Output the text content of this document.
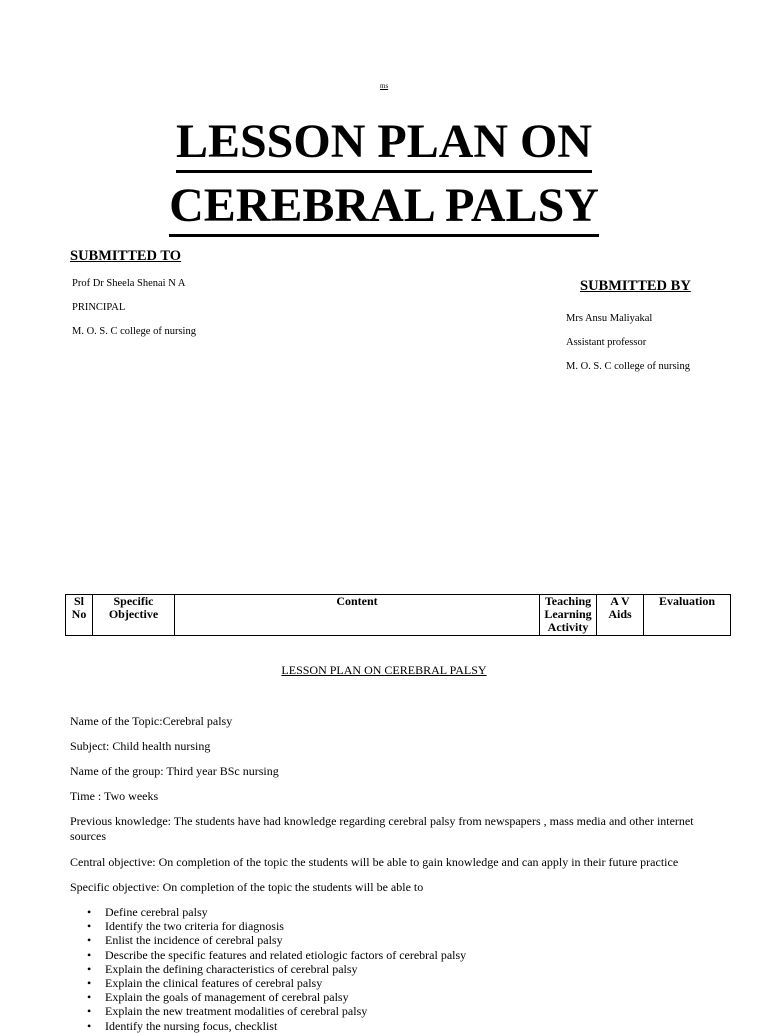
ms
LESSON PLAN ON
CEREBRAL PALSY
SUBMITTED TO
Prof Dr Sheela Shenai N A
PRINCIPAL
M. O. S. C college of nursing
SUBMITTED BY
Mrs Ansu Maliyakal
Assistant professor
M. O. S. C college of nursing
Sl No	Specific Objective	Content	Teaching Learning Activity	A V Aids	Evaluation
LESSON PLAN ON CEREBRAL PALSY
Name of the Topic:Cerebral palsy
Subject: Child health nursing
Name of the group: Third year BSc nursing
Time : Two weeks
Previous knowledge: The students have had knowledge regarding cerebral palsy from newspapers , mass media and other internet sources
Central objective: On completion of the topic the students will be able to gain knowledge and can apply in their future practice
Specific objective: On completion of the topic the students will be able to
• Define cerebral palsy
• Identify the two criteria for diagnosis
• Enlist the incidence of cerebral palsy
• Describe the specific features and related etiologic factors of cerebral palsy
• Explain the defining characteristics of cerebral palsy
• Explain the clinical features of cerebral palsy
• Explain the goals of management of cerebral palsy
• Explain the new treatment modalities of cerebral palsy
• Identify the nursing focus, checklist
